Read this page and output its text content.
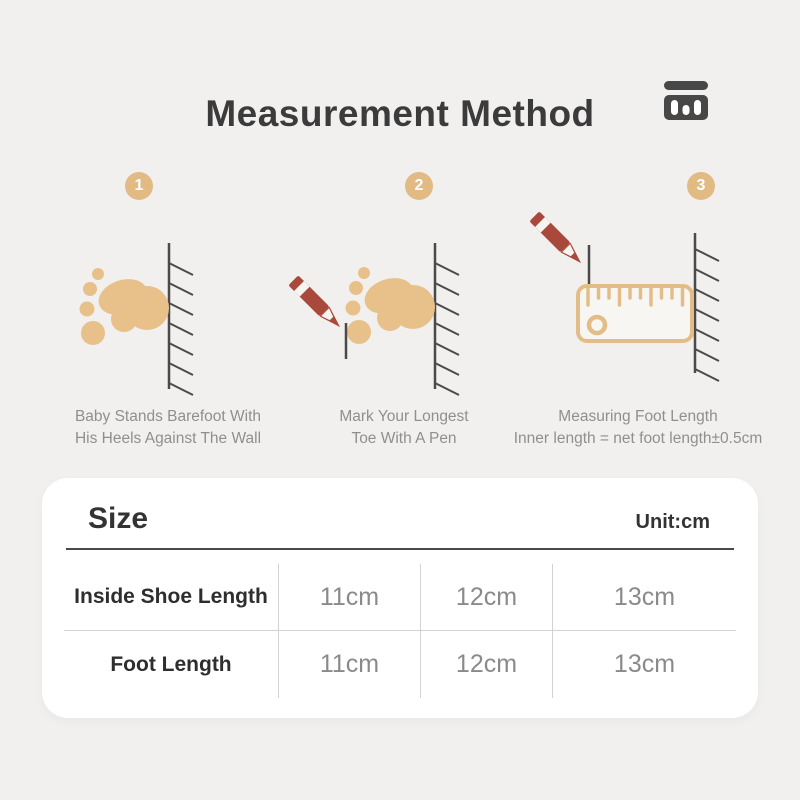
Measurement Method
1	2	3
Baby Stands Barefoot With
His Heels Against The Wall
Mark Your Longest
Toe With A Pen
Measuring Foot Length
Inner length = net foot length±0.5cm
Size	Unit:cm
Inside Shoe Length	11cm	12cm	13cm
Foot Length	11cm	12cm	13cm
